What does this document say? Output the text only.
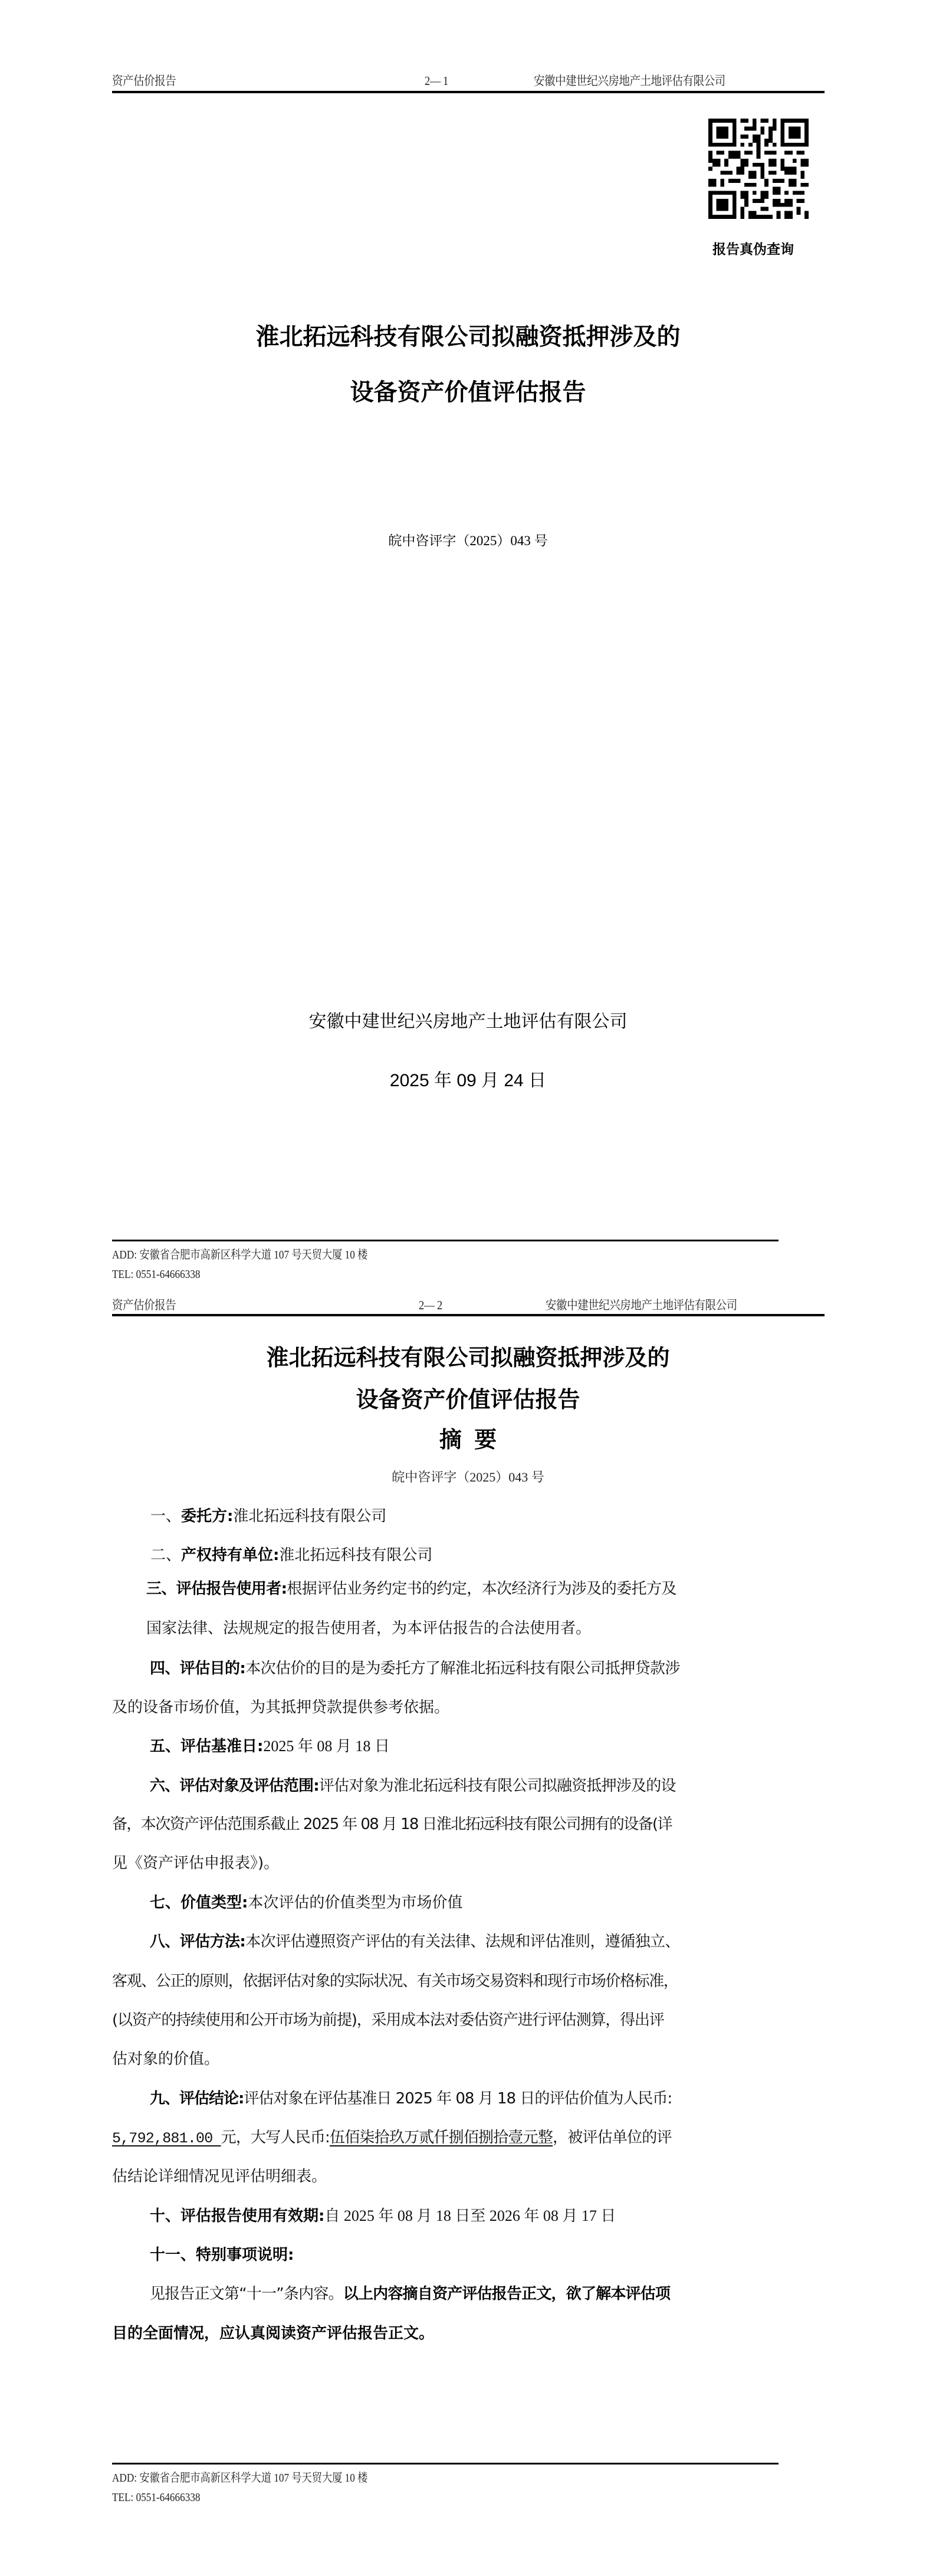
资产估价报告	2— 1	安徽中建世纪兴房地产土地评估有限公司
报告真伪查询
淮北拓远科技有限公司拟融资抵押涉及的
设备资产价值评估报告
皖中咨评字（2025）043 号
安徽中建世纪兴房地产土地评估有限公司
2025 年 09 月 24 日
ADD: 安徽省合肥市高新区科学大道 107 号天贸大厦 10 楼
TEL: 0551-64666338
资产估价报告	2— 2	安徽中建世纪兴房地产土地评估有限公司
淮北拓远科技有限公司拟融资抵押涉及的
设备资产价值评估报告
摘 要
皖中咨评字（2025）043 号
一、委托方:淮北拓远科技有限公司
二、产权持有单位:淮北拓远科技有限公司
三、评估报告使用者:根据评估业务约定书的约定，本次经济行为涉及的委托方及
国家法律、法规规定的报告使用者，为本评估报告的合法使用者。
四、评估目的:本次估价的目的是为委托方了解淮北拓远科技有限公司抵押贷款涉
及的设备市场价值，为其抵押贷款提供参考依据。
五、评估基准日:2025 年 08 月 18 日
六、评估对象及评估范围:评估对象为淮北拓远科技有限公司拟融资抵押涉及的设
备，本次资产评估范围系截止 2025 年 08 月 18 日淮北拓远科技有限公司拥有的设备(详
见《资产评估申报表》)。
七、价值类型:本次评估的价值类型为市场价值
八、评估方法:本次评估遵照资产评估的有关法律、法规和评估准则，遵循独立、
客观、公正的原则，依据评估对象的实际状况、有关市场交易资料和现行市场价格标准，
(以资产的持续使用和公开市场为前提)，采用成本法对委估资产进行评估测算，得出评
估对象的价值。
九、评估结论:评估对象在评估基准日 2025 年 08 月 18 日的评估价值为人民币:
5,792,881.00 元，大写人民币:伍佰柒拾玖万贰仟捌佰捌拾壹元整，被评估单位的评
估结论详细情况见评估明细表。
十、评估报告使用有效期:自 2025 年 08 月 18 日至 2026 年 08 月 17 日
十一、特别事项说明:
见报告正文第“十一”条内容。以上内容摘自资产评估报告正文，欲了解本评估项
目的全面情况，应认真阅读资产评估报告正文。
ADD: 安徽省合肥市高新区科学大道 107 号天贸大厦 10 楼
TEL: 0551-64666338
